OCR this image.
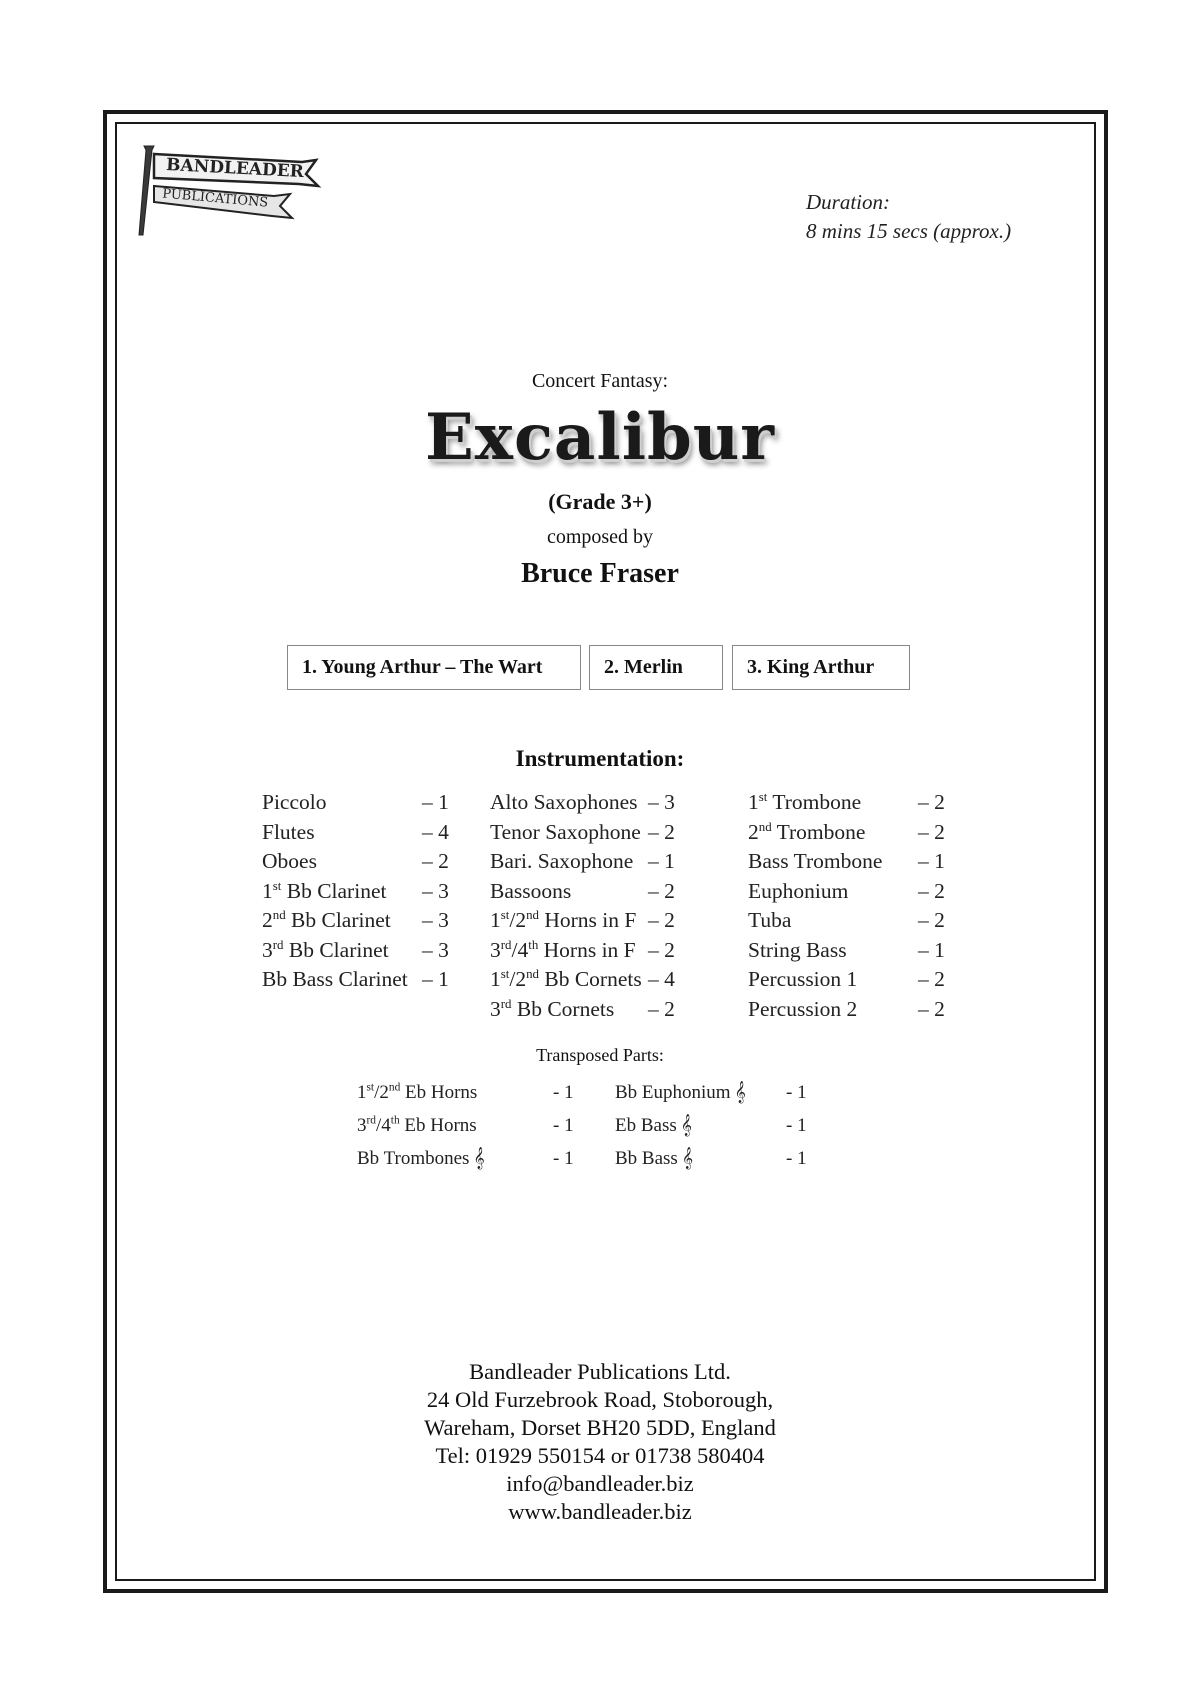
BANDLEADER
PUBLICATIONS	Duration:
8 mins 15 secs (approx.)
Concert Fantasy:
Excalibur
(Grade 3+)
composed by
Bruce Fraser
1. Young Arthur – The Wart	2. Merlin	3. King Arthur
Instrumentation:
Piccolo	– 1
Flutes	– 4
Oboes	– 2
1st Bb Clarinet – 3
2nd Bb Clarinet – 3
3rd Bb Clarinet – 3
Bb Bass Clarinet – 1
Alto Saxophones – 3
Tenor Saxophone – 2
Bari. Saxophone – 1
Bassoons	– 2
1st/2nd Horns in F – 2
3rd/4th Horns in F – 2
1st/2nd Bb Cornets – 4
3rd Bb Cornets – 2
1st Trombone	– 2
2nd Trombone – 2
Bass Trombone – 1
Euphonium	– 2
Tuba	– 2
String Bass	– 1
Percussion 1	– 2
Percussion 2	– 2
Transposed Parts:
1st/2nd Eb Horns	- 1
3rd/4th Eb Horns	- 1
Bb Trombones 𝄞	- 1
Bb Euphonium 𝄞 - 1
Eb Bass 𝄞	- 1
Bb Bass 𝄞	- 1
Bandleader Publications Ltd.
24 Old Furzebrook Road, Stoborough,
Wareham, Dorset BH20 5DD, England
Tel: 01929 550154 or 01738 580404
info@bandleader.biz
www.bandleader.biz
